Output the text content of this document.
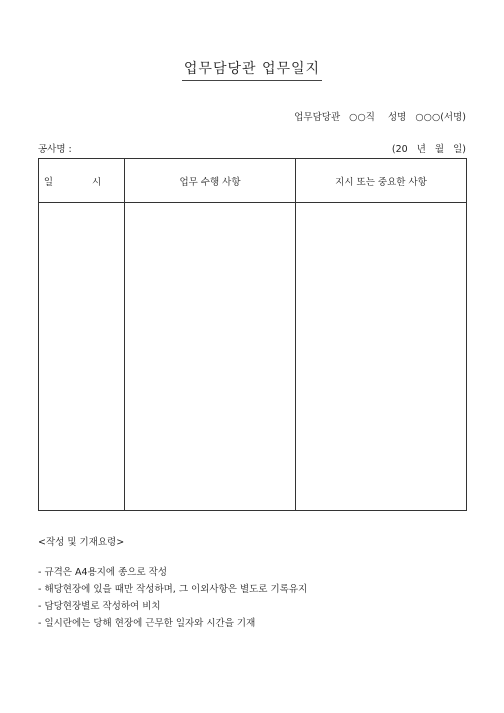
업무담당관 업무일지
업무담당관 ○○직 성명 ○○○(서명)
공사명 :	(20 년 월 일)
일 시	업무 수행 사항	지시 또는 중요한 사항

<작성 및 기재요령>
- 규격은 A4용지에 종으로 작성
- 해당현장에 있을 때만 작성하며, 그 이외사항은 별도로 기록유지
- 담당현장별로 작성하여 비치
- 일시란에는 당해 현장에 근무한 일자와 시간을 기재
